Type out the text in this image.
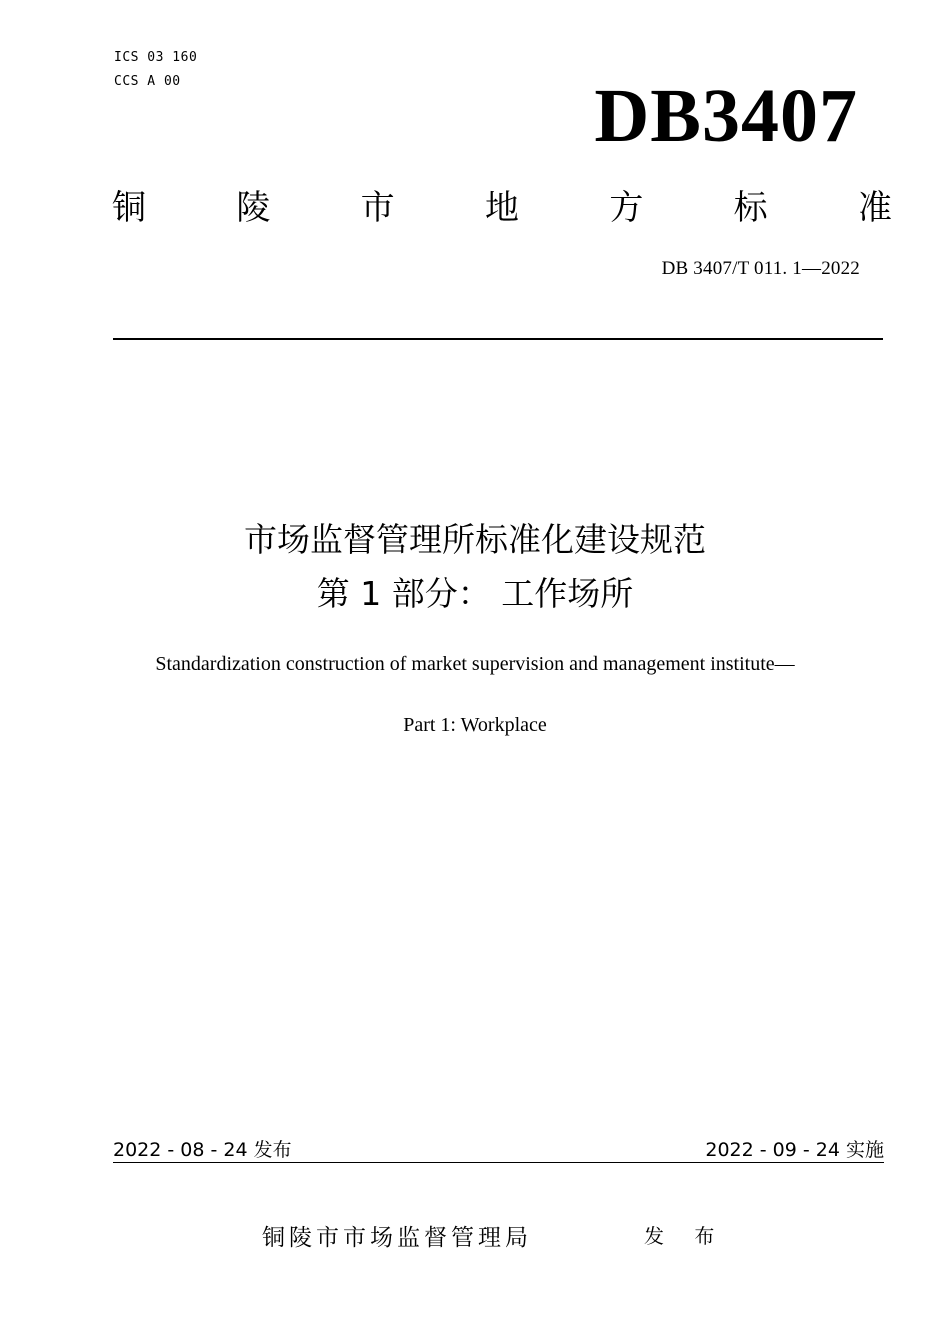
ICS 03 160
CCS A 00	DB3407
铜	陵	市	地	方	标	准
DB 3407/T 011. 1—2022
市场监督管理所标准化建设规范
第 1 部分： 工作场所
Standardization construction of market supervision and management institute—
Part 1: Workplace
2022 - 08 - 24 发布	2022 - 09 - 24 实施
铜陵市市场监督管理局	发 布
